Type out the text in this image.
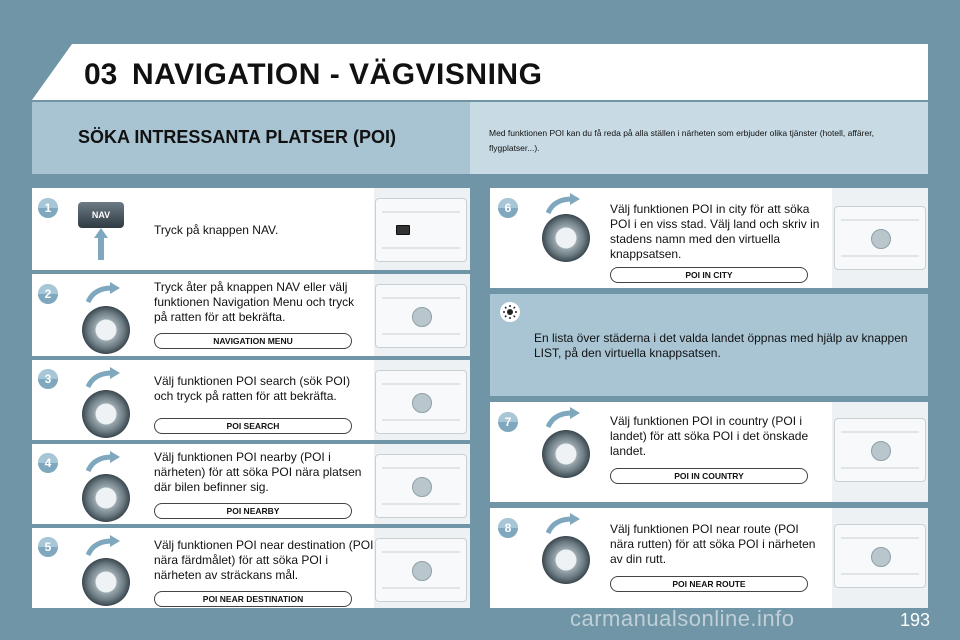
03 NAVIGATION - VÄGVISNING
SÖKA INTRESSANTA PLATSER (POI)	Med funktionen POI kan du få reda på alla ställen i närheten som erbjuder olika tjänster (hotell, affärer, flygplatser...).
1	NAV
Tryck på knappen NAV.
2	Tryck åter på knappen NAV eller välj funktionen Navigation Menu och tryck på ratten för att bekräfta.
NAVIGATION MENU
3	Välj funktionen POI search (sök POI) och tryck på ratten för att bekräfta.
POI SEARCH
4	Välj funktionen POI nearby (POI i närheten) för att söka POI nära platsen där bilen befinner sig.
POI NEARBY
5	Välj funktionen POI near destination (POI nära färdmålet) för att söka POI i närheten av sträckans mål.
POI NEAR DESTINATION
6	Välj funktionen POI in city för att söka POI i en viss stad. Välj land och skriv in stadens namn med den virtuella knappsatsen.
POI IN CITY
En lista över städerna i det valda landet öppnas med hjälp av knappen LIST, på den virtuella knappsatsen.
7	Välj funktionen POI in country (POI i landet) för att söka POI i det önskade landet.
POI IN COUNTRY
8	Välj funktionen POI near route (POI nära rutten) för att söka POI i närheten av din rutt.
POI NEAR ROUTE
carmanualsonline.info	193
